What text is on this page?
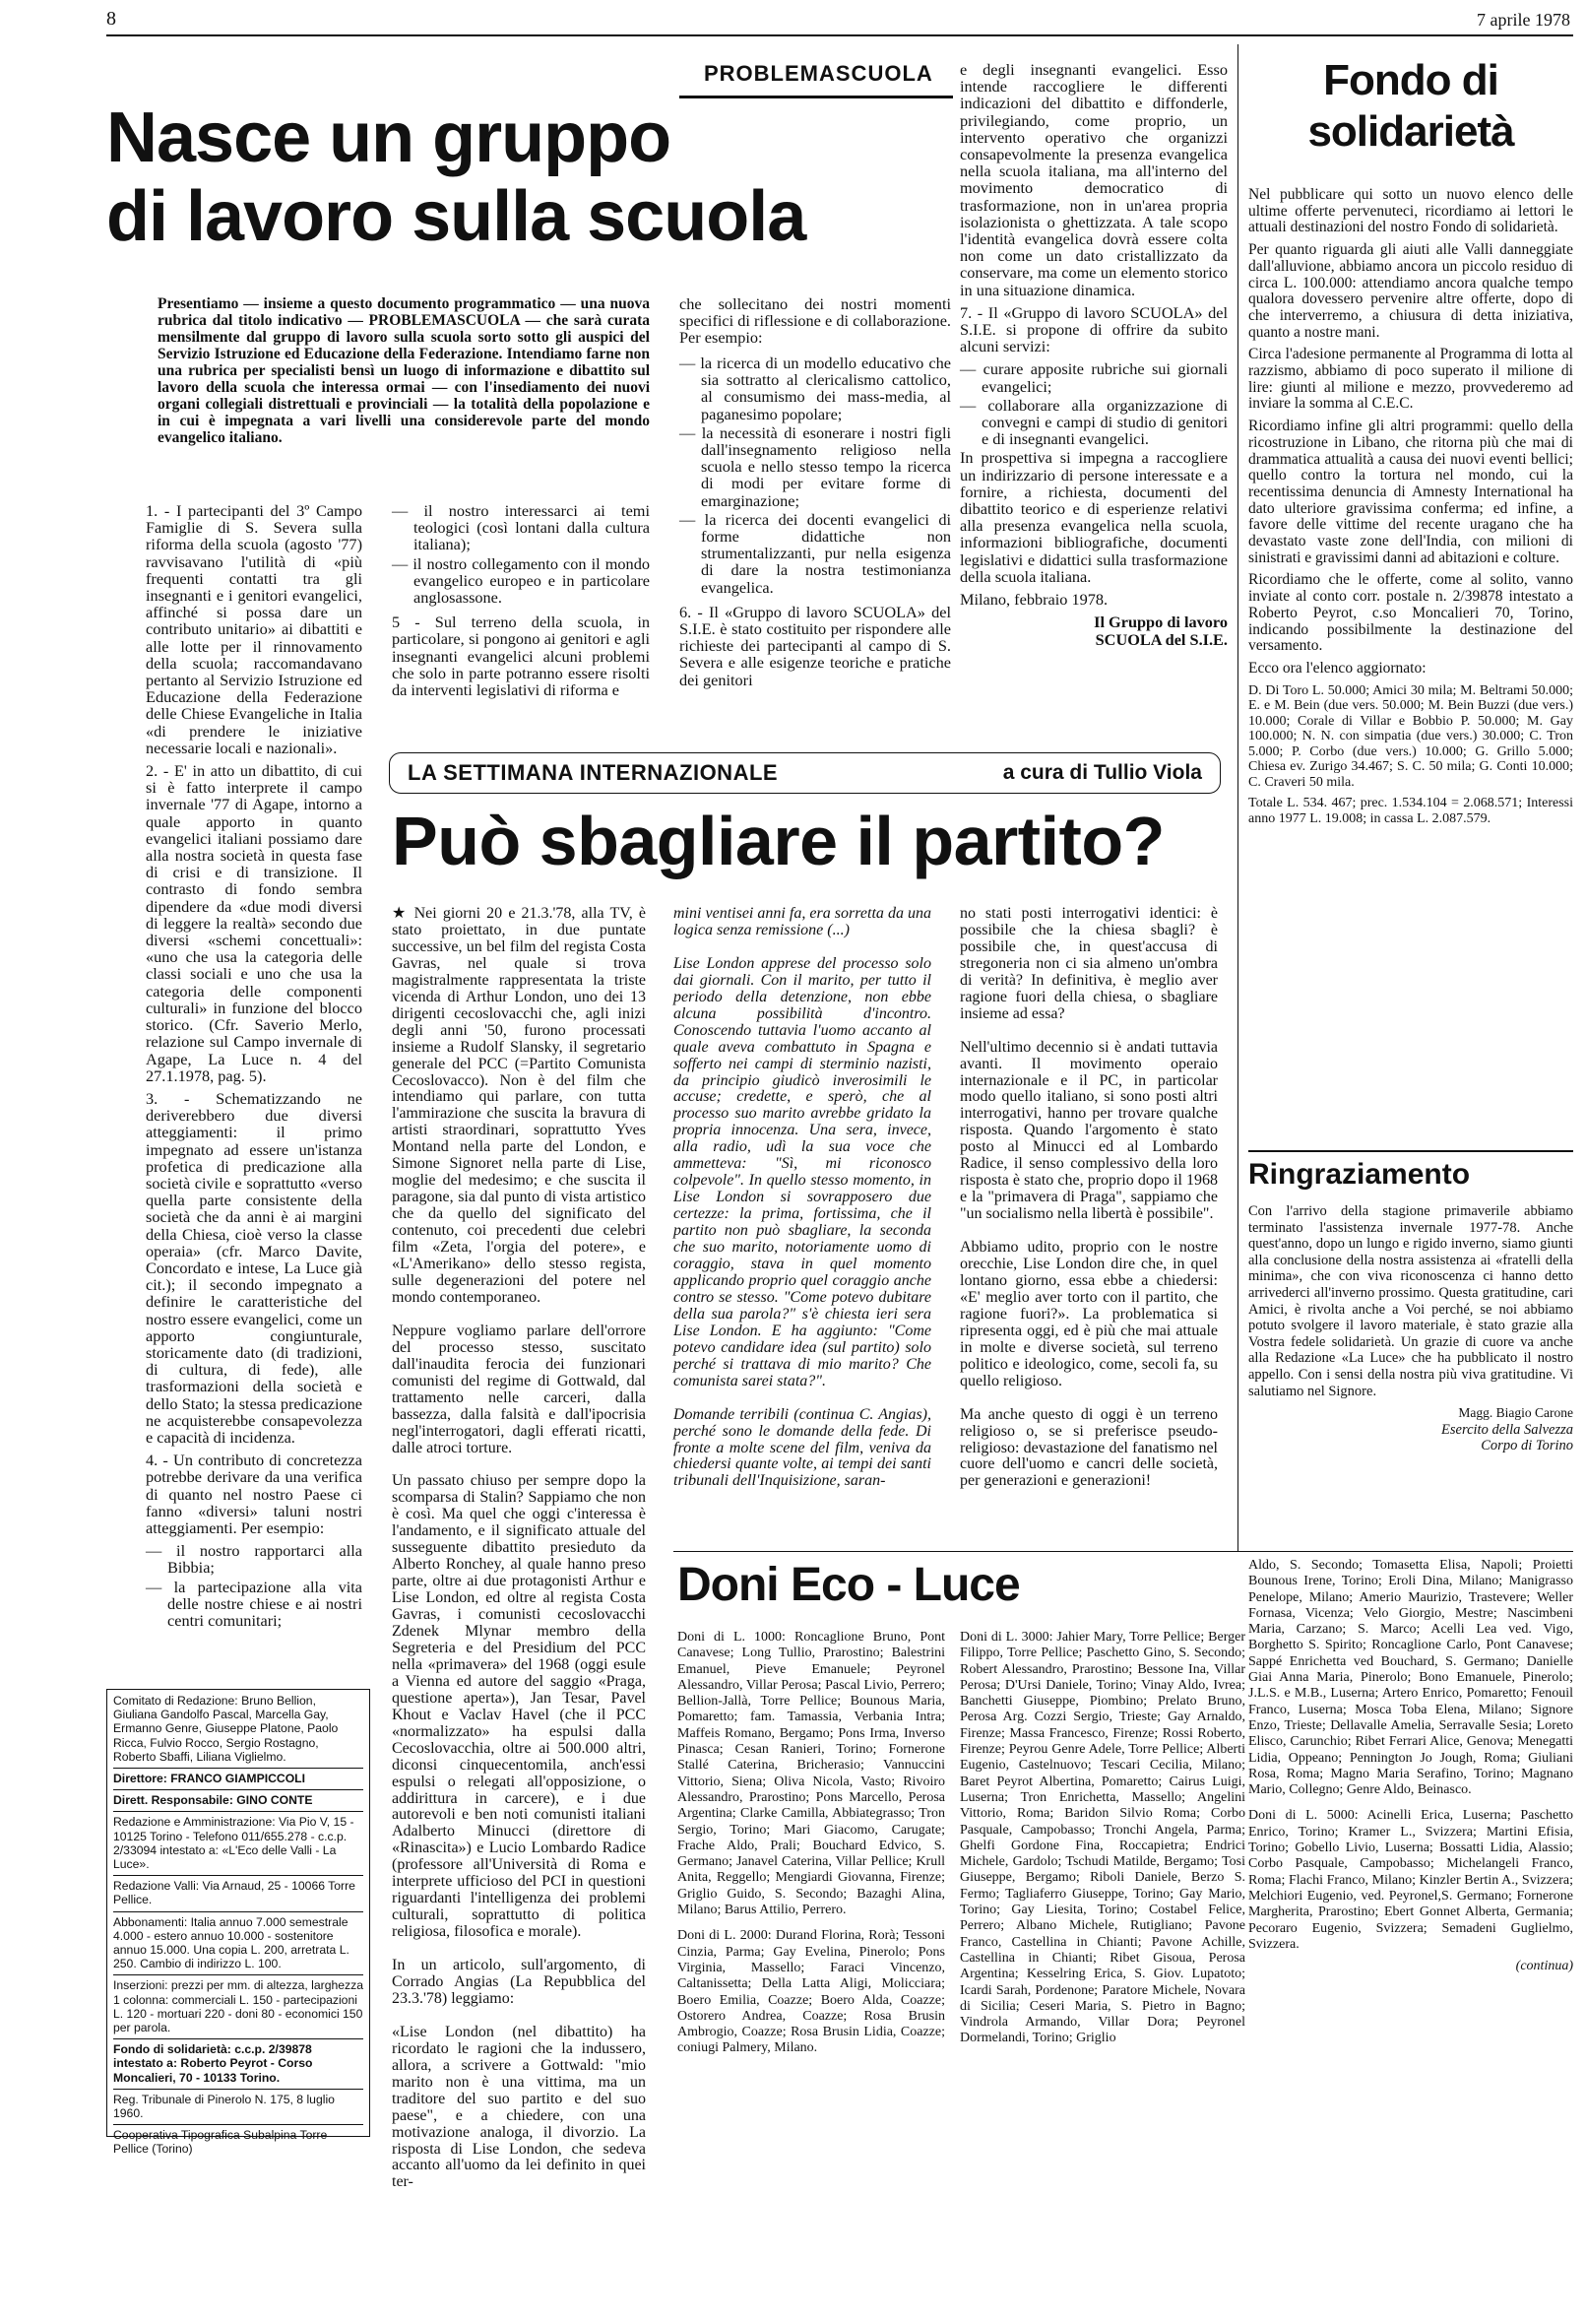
8	7 aprile 1978
PROBLEMASCUOLA
Nasce un gruppo
di lavoro sulla scuola
Presentiamo — insieme a questo documento programmatico — una nuova rubrica dal titolo indicativo — PROBLEMASCUOLA — che sarà curata mensilmente dal gruppo di lavoro sulla scuola sorto sotto gli auspici del Servizio Istruzione ed Educazione della Federazione. Intendiamo farne non una rubrica per specialisti bensì un luogo di informazione e dibattito sul lavoro della scuola che interessa ormai — con l'insediamento dei nuovi organi collegiali distrettuali e provinciali — la totalità della popolazione e in cui è impegnata a vari livelli una considerevole parte del mondo evangelico italiano.
che sollecitano dei nostri momenti specifici di riflessione e di collaborazione. Per esempio:

1. - I partecipanti del 3º Campo Famiglie di S. Severa sulla riforma della scuola (agosto '77) ravvisavano l'utilità di «più frequenti contatti tra gli insegnanti e i genitori evangelici, affinché si possa dare un contributo unitario» ai dibattiti e alle lotte per il rinnovamento della scuola; raccomandavano pertanto al Servizio Istruzione ed Educazione della Federazione delle Chiese Evangeliche in Italia «di prendere le iniziative necessarie locali e nazionali».

2. - E' in atto un dibattito, di cui si è fatto interprete il campo invernale '77 di Agape, intorno a quale apporto in quanto evangelici italiani possiamo dare alla nostra società in questa fase di crisi e di transizione. Il contrasto di fondo sembra dipendere da «due modi diversi di leggere la realtà» secondo due diversi «schemi concettuali»: «uno che usa la categoria delle classi sociali e uno che usa la categoria delle componenti culturali» in funzione del blocco storico. (Cfr. Saverio Merlo, relazione sul Campo invernale di Agape, La Luce n. 4 del 27.1.1978, pag. 5).

3. - Schematizzando ne deriverebbero due diversi atteggiamenti: il primo impegnato ad essere un'istanza profetica di predicazione alla società civile e soprattutto «verso quella parte consistente della società che da anni è ai margini della Chiesa, cioè verso la classe operaia» (cfr. Marco Davite, Concordato e intese, La Luce già cit.); il secondo impegnato a definire le caratteristiche del nostro essere evangelici, come un apporto congiunturale, storicamente dato (di tradizioni, di cultura, di fede), alle trasformazioni della società e dello Stato; la stessa predicazione ne acquisterebbe consapevolezza e capacità di incidenza.

4. - Un contributo di concretezza potrebbe derivare da una verifica di quanto nel nostro Paese ci fanno «diversi» taluni nostri atteggiamenti. Per esempio:

— il nostro rapportarci alla Bibbia;
— la partecipazione alla vita delle nostre chiese e ai nostri centri comunitari;
— il nostro interessarci ai temi teologici (così lontani dalla cultura italiana);
— il nostro collegamento con il mondo evangelico europeo e in particolare anglosassone.

5 - Sul terreno della scuola, in particolare, si pongono ai genitori e agli insegnanti evangelici alcuni problemi che solo in parte potranno essere risolti da interventi legislativi di riforma e

— la ricerca di un modello educativo che sia sottratto al clericalismo cattolico, al consumismo dei mass-media, al paganesimo popolare;
— la necessità di esonerare i nostri figli dall'insegnamento religioso nella scuola e nello stesso tempo la ricerca di modi per evitare forme di emarginazione;
— la ricerca dei docenti evangelici di forme didattiche non strumentalizzanti, pur nella esigenza di dare la nostra testimonianza evangelica.

6. - Il «Gruppo di lavoro SCUOLA» del S.I.E. è stato costituito per rispondere alle richieste dei partecipanti al campo di S. Severa e alle esigenze teoriche e pratiche dei genitori

e degli insegnanti evangelici. Esso intende raccogliere le differenti indicazioni del dibattito e diffonderle, privilegiando, come proprio, un intervento operativo che organizzi consapevolmente la presenza evangelica nella scuola italiana, ma all'interno del movimento democratico di trasformazione, non in un'area propria isolazionista o ghettizzata. A tale scopo l'identità evangelica dovrà essere colta non come un dato cristallizzato da conservare, ma come un elemento storico in una situazione dinamica.

7. - Il «Gruppo di lavoro SCUOLA» del S.I.E. si propone di offrire da subito alcuni servizi:

— curare apposite rubriche sui giornali evangelici;
— collaborare alla organizzazione di convegni e campi di studio di genitori e di insegnanti evangelici.

In prospettiva si impegna a raccogliere un indirizzario di persone interessate e a fornire, a richiesta, documenti del dibattito teorico e di esperienze relativi alla presenza evangelica nella scuola, informazioni bibliografiche, documenti legislativi e didattici sulla trasformazione della scuola italiana.

Milano, febbraio 1978.

Il Gruppo di lavoro

SCUOLA del S.I.E.

Fondo di
solidarietà

Nel pubblicare qui sotto un nuovo elenco delle ultime offerte pervenuteci, ricordiamo ai lettori le attuali destinazioni del nostro Fondo di solidarietà.

Per quanto riguarda gli aiuti alle Valli danneggiate dall'alluvione, abbiamo ancora un piccolo residuo di circa L. 100.000: attendiamo ancora qualche tempo qualora dovessero pervenire altre offerte, dopo di che interverremo, a chiusura di detta iniziativa, quanto a nostre mani.

Circa l'adesione permanente al Programma di lotta al razzismo, abbiamo di poco superato il milione di lire: giunti al milione e mezzo, provvederemo ad inviare la somma al C.E.C.

Ricordiamo infine gli altri programmi: quello della ricostruzione in Libano, che ritorna più che mai di drammatica attualità a causa dei nuovi eventi bellici; quello contro la tortura nel mondo, cui la recentissima denuncia di Amnesty International ha dato ulteriore gravissima conferma; ed infine, a favore delle vittime del recente uragano che ha devastato vaste zone dell'India, con milioni di sinistrati e gravissimi danni ad abitazioni e colture.

Ricordiamo che le offerte, come al solito, vanno inviate al conto corr. postale n. 2/39878 intestato a Roberto Peyrot, c.so Moncalieri 70, Torino, indicando possibilmente la destinazione del versamento.

Ecco ora l'elenco aggiornato:

D. Di Toro L. 50.000; Amici 30 mila; M. Beltrami 50.000; E. e M. Bein (due vers. 50.000; M. Bein Buzzi (due vers.) 10.000; Corale di Villar e Bobbio P. 50.000; M. Gay 100.000; N. N. con simpatia (due vers.) 30.000; C. Tron 5.000; P. Corbo (due vers.) 10.000; G. Grillo 5.000; Chiesa ev. Zurigo 34.467; S. C. 50 mila; G. Conti 10.000; C. Craveri 50 mila.

Totale L. 534. 467; prec. 1.534.104 = 2.068.571; Interessi anno 1977 L. 19.008; in cassa L. 2.087.579.

Ringraziamento

Con l'arrivo della stagione primaverile abbiamo terminato l'assistenza invernale 1977-78. Anche quest'anno, dopo un lungo e rigido inverno, siamo giunti alla conclusione della nostra assistenza ai «fratelli della minima», che con viva riconoscenza ci hanno detto arrivederci all'inverno prossimo. Questa gratitudine, cari Amici, è rivolta anche a Voi perché, se noi abbiamo potuto svolgere il lavoro materiale, è stato grazie alla Vostra fedele solidarietà. Un grazie di cuore va anche alla Redazione «La Luce» che ha pubblicato il nostro appello. Con i sensi della nostra più viva gratitudine. Vi salutiamo nel Signore.

Magg. Biagio Carone

Esercito della Salvezza

Corpo di Torino

LA SETTIMANA INTERNAZIONALE	a cura di Tullio Viola
Può sbagliare il partito?
★ Nei giorni 20 e 21.3.'78, alla TV, è stato proiettato, in due puntate successive, un bel film del regista Costa Gavras, nel quale si trova magistralmente rappresentata la triste vicenda di Arthur London, uno dei 13 dirigenti cecoslovacchi che, agli inizi degli anni '50, furono processati insieme a Rudolf Slansky, il segretario generale del PCC (=Partito Comunista Cecoslovacco). Non è del film che intendiamo qui parlare, con tutta l'ammirazione che suscita la bravura di artisti straordinari, soprattutto Yves Montand nella parte del London, e Simone Signoret nella parte di Lise, moglie del medesimo; e che suscita il paragone, sia dal punto di vista artistico che da quello del significato del contenuto, coi precedenti due celebri film «Zeta, l'orgia del potere», e «L'Amerikano» dello stesso regista, sulle degenerazioni del potere nel mondo contemporaneo.

Neppure vogliamo parlare dell'orrore del processo stesso, suscitato dall'inaudita ferocia dei funzionari comunisti del regime di Gottwald, dal trattamento nelle carceri, dalla bassezza, dalla falsità e dall'ipocrisia negl'interrogatori, dagli efferati ricatti, dalle atroci torture.

Un passato chiuso per sempre dopo la scomparsa di Stalin? Sappiamo che non è così. Ma quel che oggi c'interessa è l'andamento, e il significato attuale del susseguente dibattito presieduto da Alberto Ronchey, al quale hanno preso parte, oltre ai due protagonisti Arthur e Lise London, ed oltre al regista Costa Gavras, i comunisti cecoslovacchi Zdenek Mlynar membro della Segreteria e del Presidium del PCC nella «primavera» del 1968 (oggi esule a Vienna ed autore del saggio «Praga, questione aperta»), Jan Tesar, Pavel Khout e Vaclav Havel (che il PCC «normalizzato» ha espulsi dalla Cecoslovacchia, oltre ai 500.000 altri, diconsi cinquecentomila, anch'essi espulsi o relegati all'opposizione, o addirittura in carcere), e i due autorevoli e ben noti comunisti italiani Adalberto Minucci (direttore di «Rinascita») e Lucio Lombardo Radice (professore all'Università di Roma e interprete ufficioso del PCI in questioni riguardanti l'intelligenza dei problemi culturali, soprattutto di politica religiosa, filosofica e morale).

In un articolo, sull'argomento, di Corrado Angias (La Repubblica del 23.3.'78) leggiamo:

«Lise London (nel dibattito) ha ricordato le ragioni che la indussero, allora, a scrivere a Gottwald: "mio marito non è una vittima, ma un traditore del suo partito e del suo paese", e a chiedere, con una motivazione analoga, il divorzio. La risposta di Lise London, che sedeva accanto all'uomo da lei definito in quei ter-
mini ventisei anni fa, era sorretta da una logica senza remissione (...)

Lise London apprese del processo solo dai giornali. Con il marito, per tutto il periodo della detenzione, non ebbe alcuna possibilità d'incontro. Conoscendo tuttavia l'uomo accanto al quale aveva combattuto in Spagna e sofferto nei campi di sterminio nazisti, da principio giudicò inverosimili le accuse; credette, e sperò, che al processo suo marito avrebbe gridato la propria innocenza. Una sera, invece, alla radio, udì la sua voce che ammetteva: "Sì, mi riconosco colpevole". In quello stesso momento, in Lise London si sovrapposero due certezze: la prima, fortissima, che il partito non può sbagliare, la seconda che suo marito, notoriamente uomo di coraggio, stava in quel momento applicando proprio quel coraggio anche contro se stesso. "Come potevo dubitare della sua parola?" s'è chiesta ieri sera Lise London. E ha aggiunto: "Come potevo candidare idea (sul partito) solo perché si trattava di mio marito? Che comunista sarei stata?".

Domande terribili (continua C. Angias), perché sono le domande della fede. Di fronte a molte scene del film, veniva da chiedersi quante volte, ai tempi dei santi tribunali dell'Inquisizione, saran-
no stati posti interrogativi identici: è possibile che la chiesa sbagli? è possibile che, in quest'accusa di stregoneria non ci sia almeno un'ombra di verità? In definitiva, è meglio aver ragione fuori della chiesa, o sbagliare insieme ad essa?

Nell'ultimo decennio si è andati tuttavia avanti. Il movimento operaio internazionale e il PC, in particolar modo quello italiano, si sono posti altri interrogativi, hanno per trovare qualche risposta. Quando l'argomento è stato posto al Minucci ed al Lombardo Radice, il senso complessivo della loro risposta è stato che, proprio dopo il 1968 e la "primavera di Praga", sappiamo che "un socialismo nella libertà è possibile".

Abbiamo udito, proprio con le nostre orecchie, Lise London dire che, in quel lontano giorno, essa ebbe a chiedersi: «E' meglio aver torto con il partito, che ragione fuori?». La problematica si ripresenta oggi, ed è più che mai attuale in molte e diverse società, sul terreno politico e ideologico, come, secoli fa, su quello religioso.

Ma anche questo di oggi è un terreno religioso o, se si preferisce pseudo-religioso: devastazione del fanatismo nel cuore dell'uomo e cancri delle società, per generazioni e generazioni!
Comitato di Redazione: Bruno Bellion, Giuliana Gandolfo Pascal, Marcella Gay, Ermanno Genre, Giuseppe Platone, Paolo Ricca, Fulvio Rocco, Sergio Rostagno, Roberto Sbaffi, Liliana Viglielmo.
Direttore: FRANCO GIAMPICCOLI
Dirett. Responsabile: GINO CONTE
Redazione e Amministrazione: Via Pio V, 15 - 10125 Torino - Telefono 011/655.278 - c.c.p. 2/33094 intestato a: «L'Eco delle Valli - La Luce».
Redazione Valli: Via Arnaud, 25 - 10066 Torre Pellice.
Abbonamenti: Italia annuo 7.000 semestrale 4.000 - estero annuo 10.000 - sostenitore annuo 15.000. Una copia L. 200, arretrata L. 250. Cambio di indirizzo L. 100.
Inserzioni: prezzi per mm. di altezza, larghezza 1 colonna: commerciali L. 150 - partecipazioni L. 120 - mortuari 220 - doni 80 - economici 150 per parola.
Fondo di solidarietà: c.c.p. 2/39878 intestato a: Roberto Peyrot - Corso Moncalieri, 70 - 10133 Torino.
Reg. Tribunale di Pinerolo N. 175, 8 luglio 1960.
Cooperativa Tipografica Subalpina Torre Pellice (Torino)
Doni Eco - Luce

Doni di L. 1000: Roncaglione Bruno, Pont Canavese; Long Tullio, Prarostino; Balestrini Emanuel, Pieve Emanuele; Peyronel Alessandro, Villar Perosa; Pascal Livio, Perrero; Bellion-Jallà, Torre Pellice; Bounous Maria, Pomaretto; fam. Tamassia, Verbania Intra; Maffeis Romano, Bergamo; Pons Irma, Inverso Pinasca; Cesan Ranieri, Torino; Fornerone Stallé Caterina, Bricherasio; Vannuccini Vittorio, Siena; Oliva Nicola, Vasto; Rivoiro Alessandro, Prarostino; Pons Marcello, Perosa Argentina; Clarke Camilla, Abbiategrasso; Tron Sergio, Torino; Mari Giacomo, Carugate; Frache Aldo, Prali; Bouchard Edvico, S. Germano; Janavel Caterina, Villar Pellice; Krull Anita, Reggello; Mengiardi Giovanna, Firenze; Griglio Guido, S. Secondo; Bazaghi Alina, Milano; Barus Attilio, Perrero.

Doni di L. 2000: Durand Florina, Rorà; Tessoni Cinzia, Parma; Gay Evelina, Pinerolo; Pons Virginia, Massello; Faraci Vincenzo, Caltanissetta; Della Latta Aligi, Molicciara; Boero Emilia, Coazze; Boero Alda, Coazze; Ostorero Andrea, Coazze; Rosa Brusin Ambrogio, Coazze; Rosa Brusin Lidia, Coazze; coniugi Palmery, Milano.

Doni di L. 3000: Jahier Mary, Torre Pellice; Berger Filippo, Torre Pellice; Paschetto Gino, S. Secondo; Robert Alessandro, Prarostino; Bessone Ina, Villar Perosa; D'Ursi Daniele, Torino; Vinay Aldo, Ivrea; Banchetti Giuseppe, Piombino; Prelato Bruno, Perosa Arg. Cozzi Sergio, Trieste; Gay Arnaldo, Firenze; Massa Francesco, Firenze; Rossi Roberto, Firenze; Peyrou Genre Adele, Torre Pellice; Alberti Eugenio, Castelnuovo; Tescari Cecilia, Milano; Baret Peyrot Albertina, Pomaretto; Cairus Luigi, Luserna; Tron Enrichetta, Massello; Angelini Vittorio, Roma; Baridon Silvio Roma; Corbo Pasquale, Campobasso; Tronchi Angela, Parma; Ghelfi Gordone Fina, Roccapietra; Endrici Michele, Gardolo; Tschudi Matilde, Bergamo; Tosi Giuseppe, Bergamo; Riboli Daniele, Berzo S. Fermo; Tagliaferro Giuseppe, Torino; Gay Mario, Torino; Gay Liesita, Torino; Costabel Felice, Perrero; Albano Michele, Rutigliano; Pavone Franco, Castellina in Chianti; Pavone Achille, Castellina in Chianti; Ribet Gisoua, Perosa Argentina; Kesselring Erica, S. Giov. Lupatoto; Icardi Sarah, Pordenone; Paratore Michele, Novara di Sicilia; Ceseri Maria, S. Pietro in Bagno; Vindrola Armando, Villar Dora; Peyronel Dormelandi, Torino; Griglio

Aldo, S. Secondo; Tomasetta Elisa, Napoli; Proietti Bounous Irene, Torino; Eroli Dina, Milano; Manigrasso Penelope, Milano; Amerio Maurizio, Trastevere; Weller Fornasa, Vicenza; Velo Giorgio, Mestre; Nascimbeni Maria, Carzano; S. Marco; Acelli Lea ved. Vigo, Borghetto S. Spirito; Roncaglione Carlo, Pont Canavese; Sappé Enrichetta ved Bouchard, S. Germano; Danielle Giai Anna Maria, Pinerolo; Bono Emanuele, Pinerolo; J.L.S. e M.B., Luserna; Artero Enrico, Pomaretto; Fenouil Franco, Luserna; Mosca Toba Elena, Milano; Signore Enzo, Trieste; Dellavalle Amelia, Serravalle Sesia; Loreto Elisco, Carunchio; Ribet Ferrari Alice, Genova; Menegatti Lidia, Oppeano; Pennington Jo Jough, Roma; Giuliani Rosa, Roma; Magno Maria Serafino, Torino; Magnano Mario, Collegno; Genre Aldo, Beinasco.

Doni di L. 5000: Acinelli Erica, Luserna; Paschetto Enrico, Torino; Kramer L., Svizzera; Martini Efisia, Torino; Gobello Livio, Luserna; Bossatti Lidia, Alassio; Corbo Pasquale, Campobasso; Michelangeli Franco, Roma; Flachi Franco, Milano; Kinzler Bertin A., Svizzera; Melchiori Eugenio, ved. Peyronel,S. Germano; Fornerone Margherita, Prarostino; Ebert Gonnet Alberta, Germania; Pecoraro Eugenio, Svizzera; Semadeni Guglielmo, Svizzera.

(continua)
